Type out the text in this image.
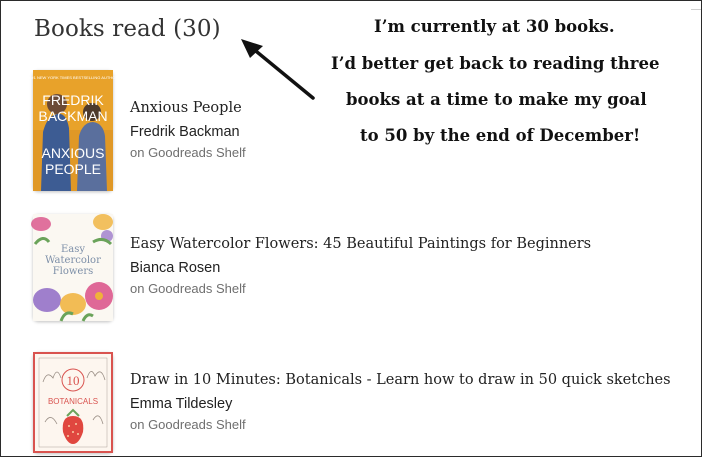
Books read (30)	I’m currently at 30 books.
I’d better get back to reading three
books at a time to make my goal
to 50 by the end of December!
A #1 NEW YORK TIMES BESTSELLING AUTHOR
FREDRIK
BACKMAN
ANXIOUS
PEOPLE
Anxious People
Fredrik Backman
on Goodreads Shelf
Easy
Watercolor
Flowers
Easy Watercolor Flowers: 45 Beautiful Paintings for Beginners
Bianca Rosen
on Goodreads Shelf
10
BOTANICALS
Draw in 10 Minutes: Botanicals - Learn how to draw in 50 quick sketches
Emma Tildesley
on Goodreads Shelf
